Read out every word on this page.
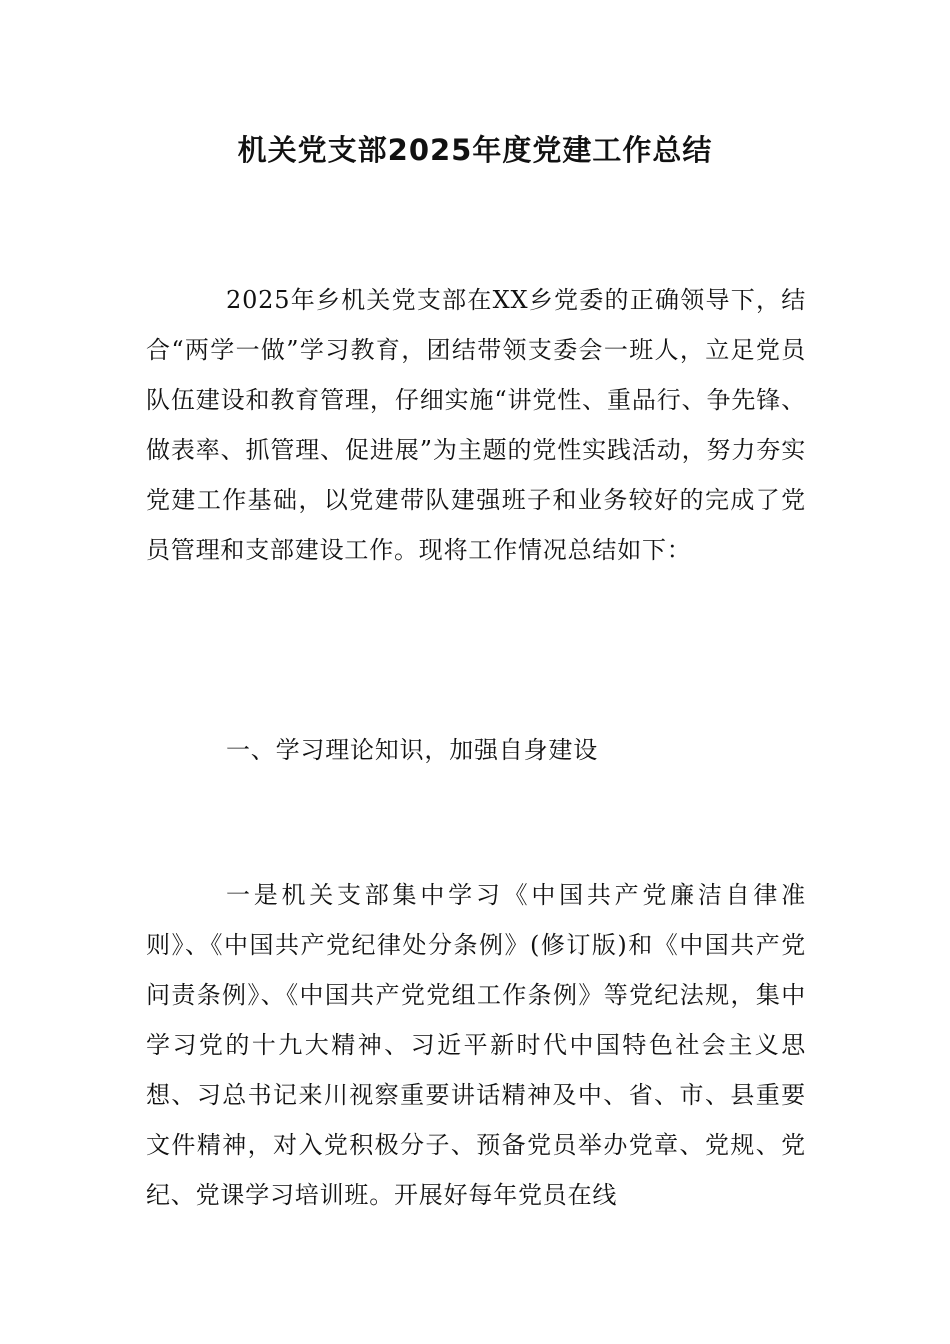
机关党支部2025年度党建工作总结

2025年乡机关党支部在XX乡党委的正确领导下，结合“两学一做”学习教育，团结带领支委会一班人，立足党员队伍建设和教育管理，仔细实施“讲党性、重品行、争先锋、做表率、抓管理、促进展”为主题的党性实践活动，努力夯实党建工作基础，以党建带队建强班子和业务较好的完成了党员管理和支部建设工作。现将工作情况总结如下：

一、学习理论知识，加强自身建设

一是机关支部集中学习《中国共产党廉洁自律准则》、《中国共产党纪律处分条例》(修订版)和《中国共产党问责条例》、《中国共产党党组工作条例》等党纪法规，集中学习党的十九大精神、习近平新时代中国特色社会主义思想、习总书记来川视察重要讲话精神及中、省、市、县重要文件精神，对入党积极分子、预备党员举办党章、党规、党纪、党课学习培训班。开展好每年党员在线
